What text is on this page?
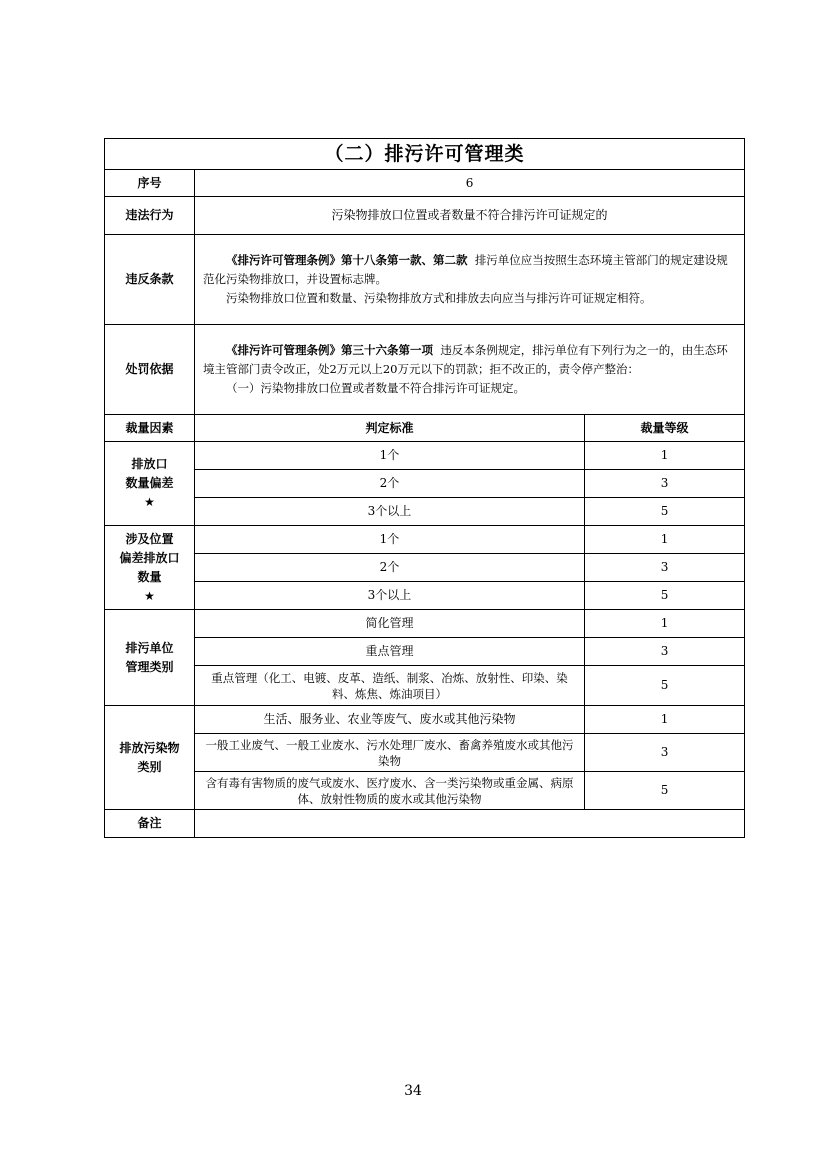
（二）排污许可管理类		
序号	6	
违法行为	污染物排放口位置或者数量不符合排污许可证规定的	
违反条款	《排污许可管理条例》第十八条第一款、第二款 排污单位应当按照生态环境主管部门的规定建设规范化污染物排放口，并设置标志牌。

污染物排放口位置和数量、污染物排放方式和排放去向应当与排污许可证规定相符。	

处罚依据	《排污许可管理条例》第三十六条第一项 违反本条例规定，排污单位有下列行为之一的，由生态环境主管部门责令改正，处2万元以上20万元以下的罚款；拒不改正的，责令停产整治：

（一）污染物排放口位置或者数量不符合排污许可证规定。	

裁量因素	判定标准	裁量等级

排放口
数量偏差
★	1个	1
	2个	3
	3个以上	5

涉及位置
偏差排放口
数量
★	1个	1
	2个	3
	3个以上	5

排污单位
管理类别	简化管理	1
	重点管理	3
	重点管理（化工、电镀、皮革、造纸、制浆、冶炼、放射性、印染、染料、炼焦、炼油项目）	5

排放污染物
类别	生活、服务业、农业等废气、废水或其他污染物	1
	一般工业废气、一般工业废水、污水处理厂废水、畜禽养殖废水或其他污染物	3
	含有毒有害物质的废气或废水、医疗废水、含一类污染物或重金属、病原体、放射性物质的废水或其他污染物	5
备注		
34
